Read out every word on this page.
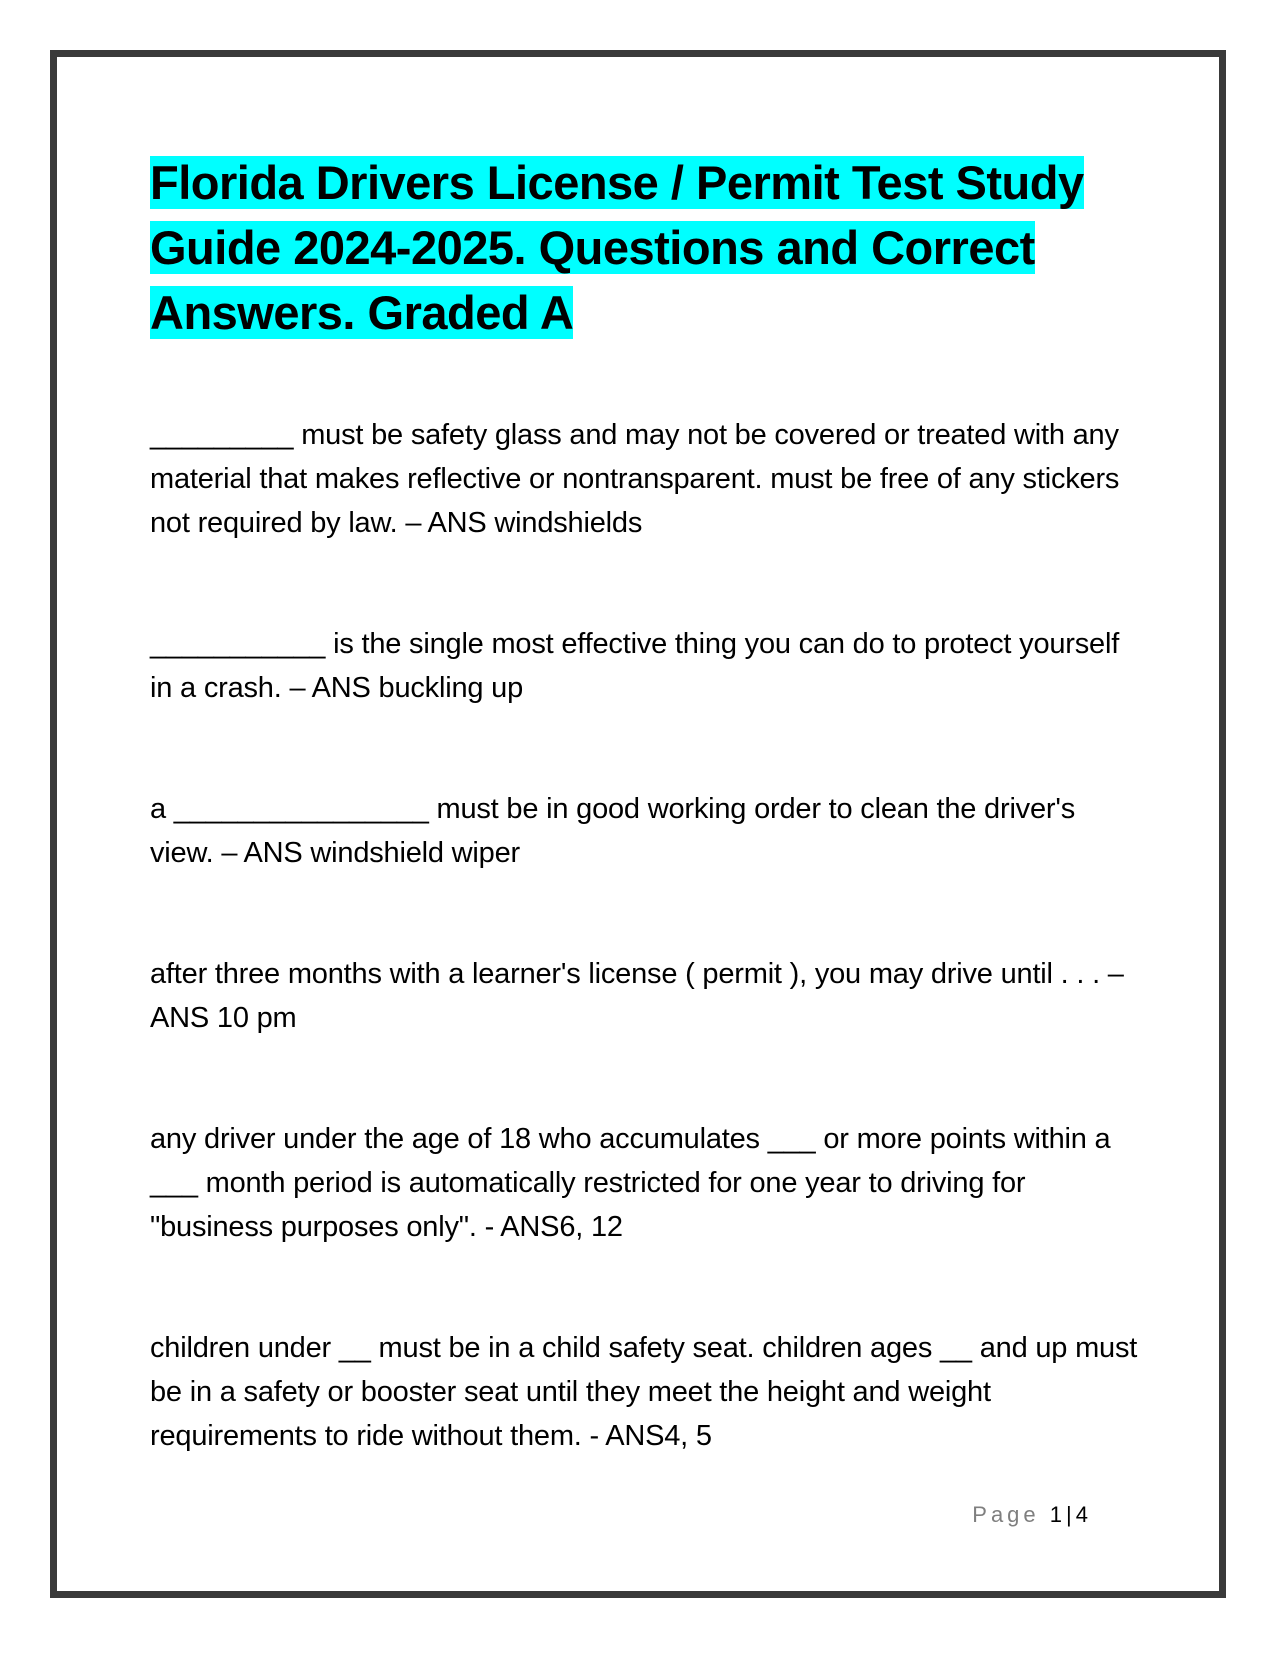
Florida Drivers License / Permit Test Study Guide 2024-2025. Questions and Correct Answers. Graded A

_________ must be safety glass and may not be covered or treated with any material that makes reflective or nontransparent. must be free of any stickers not required by law. – ANS windshields

___________ is the single most effective thing you can do to protect yourself in a crash. – ANS buckling up

a ________________ must be in good working order to clean the driver's view. – ANS windshield wiper

after three months with a learner's license ( permit ), you may drive until . . . – ANS 10 pm

any driver under the age of 18 who accumulates ___ or more points within a ___ month period is automatically restricted for one year to driving for "business purposes only". - ANS6, 12

children under __ must be in a child safety seat. children ages __ and up must be in a safety or booster seat until they meet the height and weight requirements to ride without them. - ANS4, 5

Page 1 | 4
